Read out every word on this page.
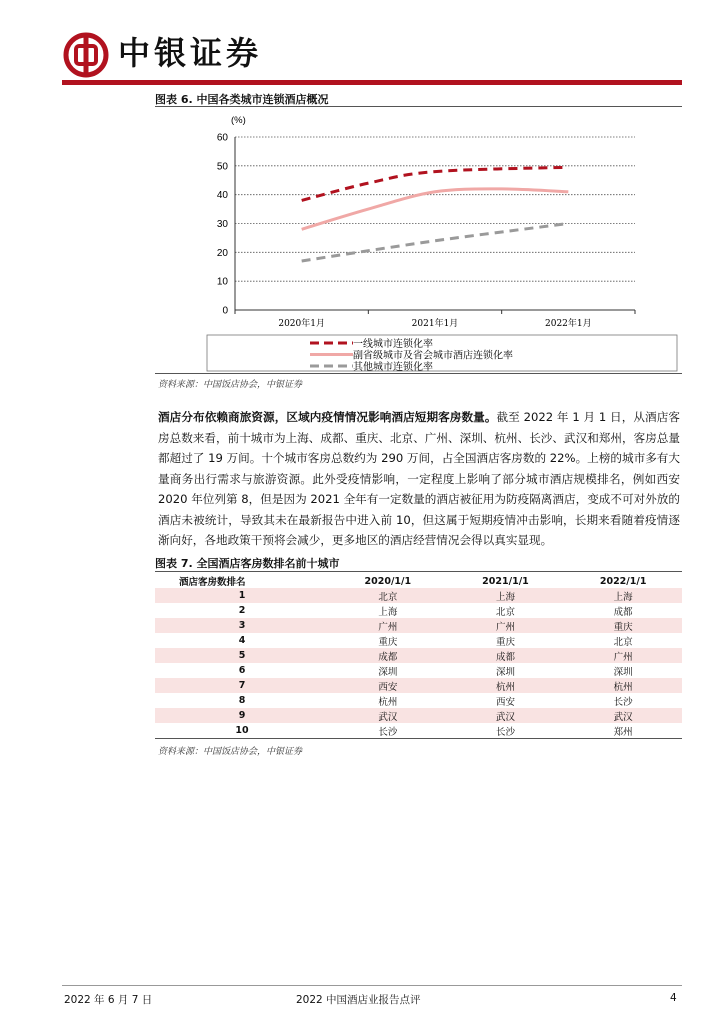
中银证券
图表 6. 中国各类城市连锁酒店概况
0
10
20
30
40
50
60
(%)
2020年1月	2021年1月	2022年1月
一线城市连锁化率
副省级城市及省会城市酒店连锁化率
其他城市连锁化率
资料来源：中国饭店协会，中银证券
酒店分布依赖商旅资源，区域内疫情情况影响酒店短期客房数量。截至 2022 年 1 月 1 日，从酒店客房总数来看，前十城市为上海、成都、重庆、北京、广州、深圳、杭州、长沙、武汉和郑州，客房总量都超过了 19 万间。十个城市客房总数约为 290 万间，占全国酒店客房数的 22%。上榜的城市多有大量商务出行需求与旅游资源。此外受疫情影响，一定程度上影响了部分城市酒店规模排名，例如西安 2020 年位列第 8，但是因为 2021 全年有一定数量的酒店被征用为防疫隔离酒店，变成不可对外放的酒店未被统计，导致其未在最新报告中进入前 10，但这属于短期疫情冲击影响，长期来看随着疫情逐渐向好，各地政策干预将会减少，更多地区的酒店经营情况会得以真实显现。
图表 7. 全国酒店客房数排名前十城市
酒店客房数排名	2020/1/1	2021/1/1	2022/1/1
1	北京	上海	上海
2	上海	北京	成都
3	广州	广州	重庆
4	重庆	重庆	北京
5	成都	成都	广州
6	深圳	深圳	深圳
7	西安	杭州	杭州
8	杭州	西安	长沙
9	武汉	武汉	武汉
10	长沙	长沙	郑州
资料来源：中国饭店协会，中银证券
2022 年 6 月 7 日	2022 中国酒店业报告点评	4
